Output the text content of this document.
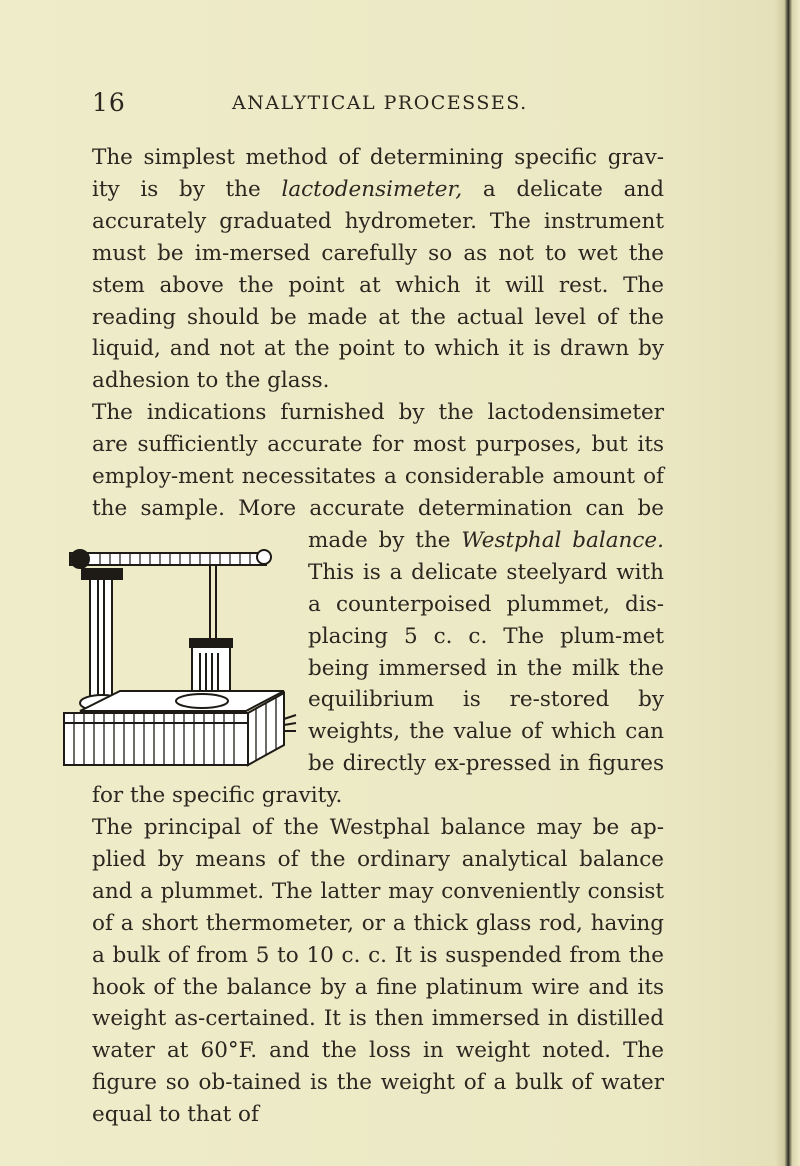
16	ANALYTICAL PROCESSES.

The simplest method of determining specific grav-ity is by the lactodensimeter, a delicate and accurately graduated hydrometer. The instrument must be im-mersed carefully so as not to wet the stem above the point at which it will rest. The reading should be made at the actual level of the liquid, and not at the point to which it is drawn by adhesion to the glass.

The indications furnished by the lactodensimeter are sufficiently accurate for most purposes, but its employ-ment necessitates a considerable amount of the sample. More accurate determination can be made by the
Westphal balance. This is a delicate steelyard with a counterpoised plummet, dis-placing 5 c. c. The plum-met being immersed in the milk the equilibrium is re-stored by weights, the value of which can be directly ex-pressed in figures for the specific gravity.

The principal of the Westphal balance may be ap-plied by means of the ordinary analytical balance and a plummet. The latter may conveniently consist of a short thermometer, or a thick glass rod, having a bulk of from 5 to 10 c. c. It is suspended from the hook of the balance by a fine platinum wire and its weight as-certained. It is then immersed in distilled water at 60°F. and the loss in weight noted. The figure so ob-tained is the weight of a bulk of water equal to that of
